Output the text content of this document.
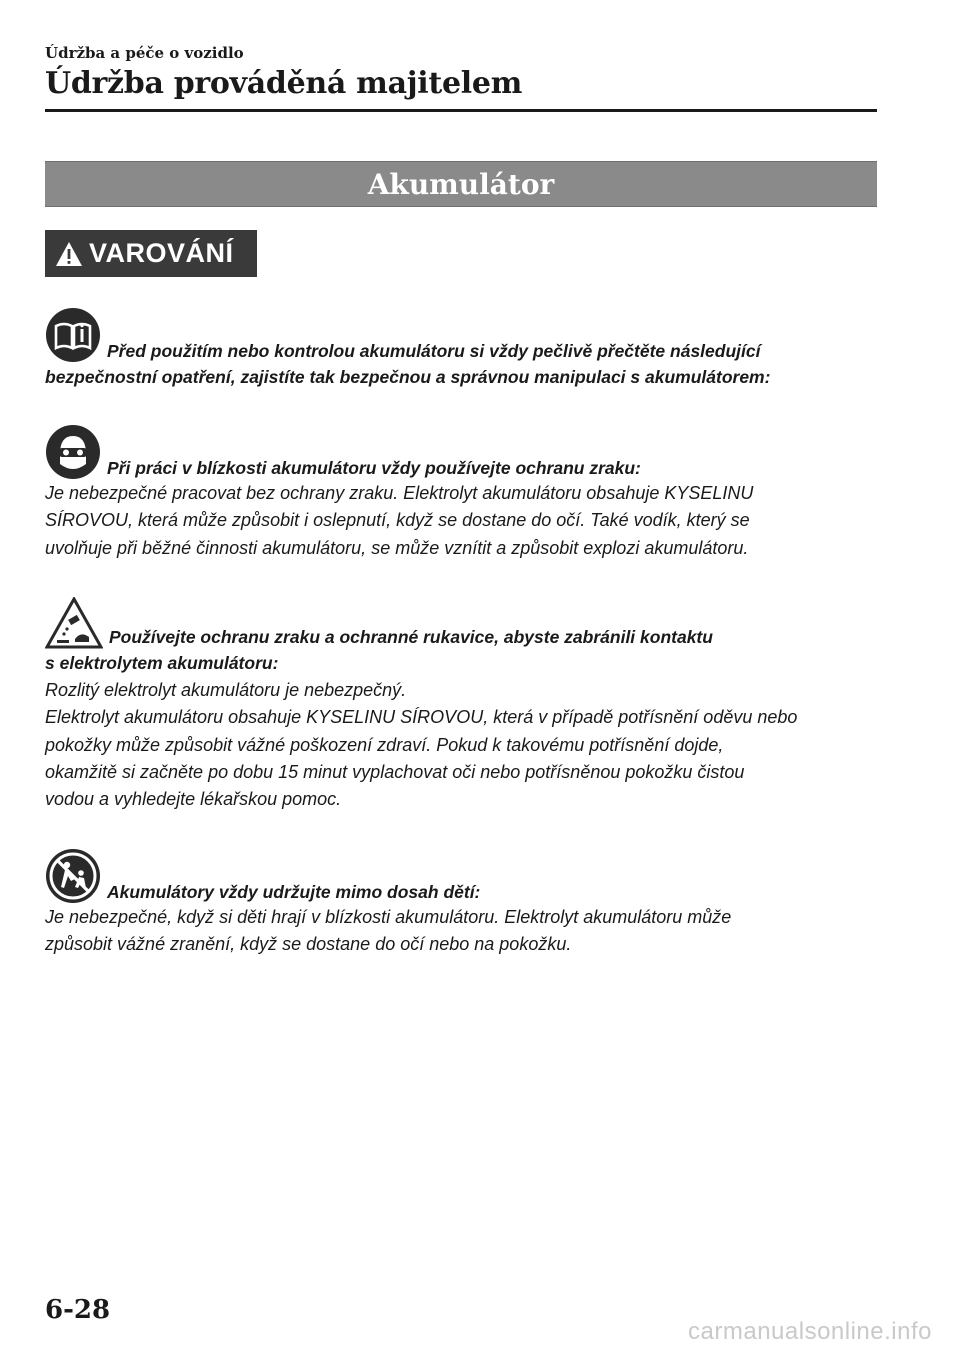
Údržba a péče o vozidlo
Údržba prováděná majitelem
Akumulátor
VAROVÁNÍ
Před použitím nebo kontrolou akumulátoru si vždy pečlivě přečtěte následující
bezpečnostní opatření, zajistíte tak bezpečnou a správnou manipulaci s akumulátorem:
Při práci v blízkosti akumulátoru vždy používejte ochranu zraku:
Je nebezpečné pracovat bez ochrany zraku. Elektrolyt akumulátoru obsahuje KYSELINU
SÍROVOU, která může způsobit i oslepnutí, když se dostane do očí. Také vodík, který se
uvolňuje při běžné činnosti akumulátoru, se může vznítit a způsobit explozi akumulátoru.
Používejte ochranu zraku a ochranné rukavice, abyste zabránili kontaktu
s elektrolytem akumulátoru:
Rozlitý elektrolyt akumulátoru je nebezpečný.
Elektrolyt akumulátoru obsahuje KYSELINU SÍROVOU, která v případě potřísnění oděvu nebo
pokožky může způsobit vážné poškození zdraví. Pokud k takovému potřísnění dojde,
okamžitě si začněte po dobu 15 minut vyplachovat oči nebo potřísněnou pokožku čistou
vodou a vyhledejte lékařskou pomoc.
Akumulátory vždy udržujte mimo dosah dětí:
Je nebezpečné, když si děti hrají v blízkosti akumulátoru. Elektrolyt akumulátoru může
způsobit vážné zranění, když se dostane do očí nebo na pokožku.
6-28
carmanualsonline.info
